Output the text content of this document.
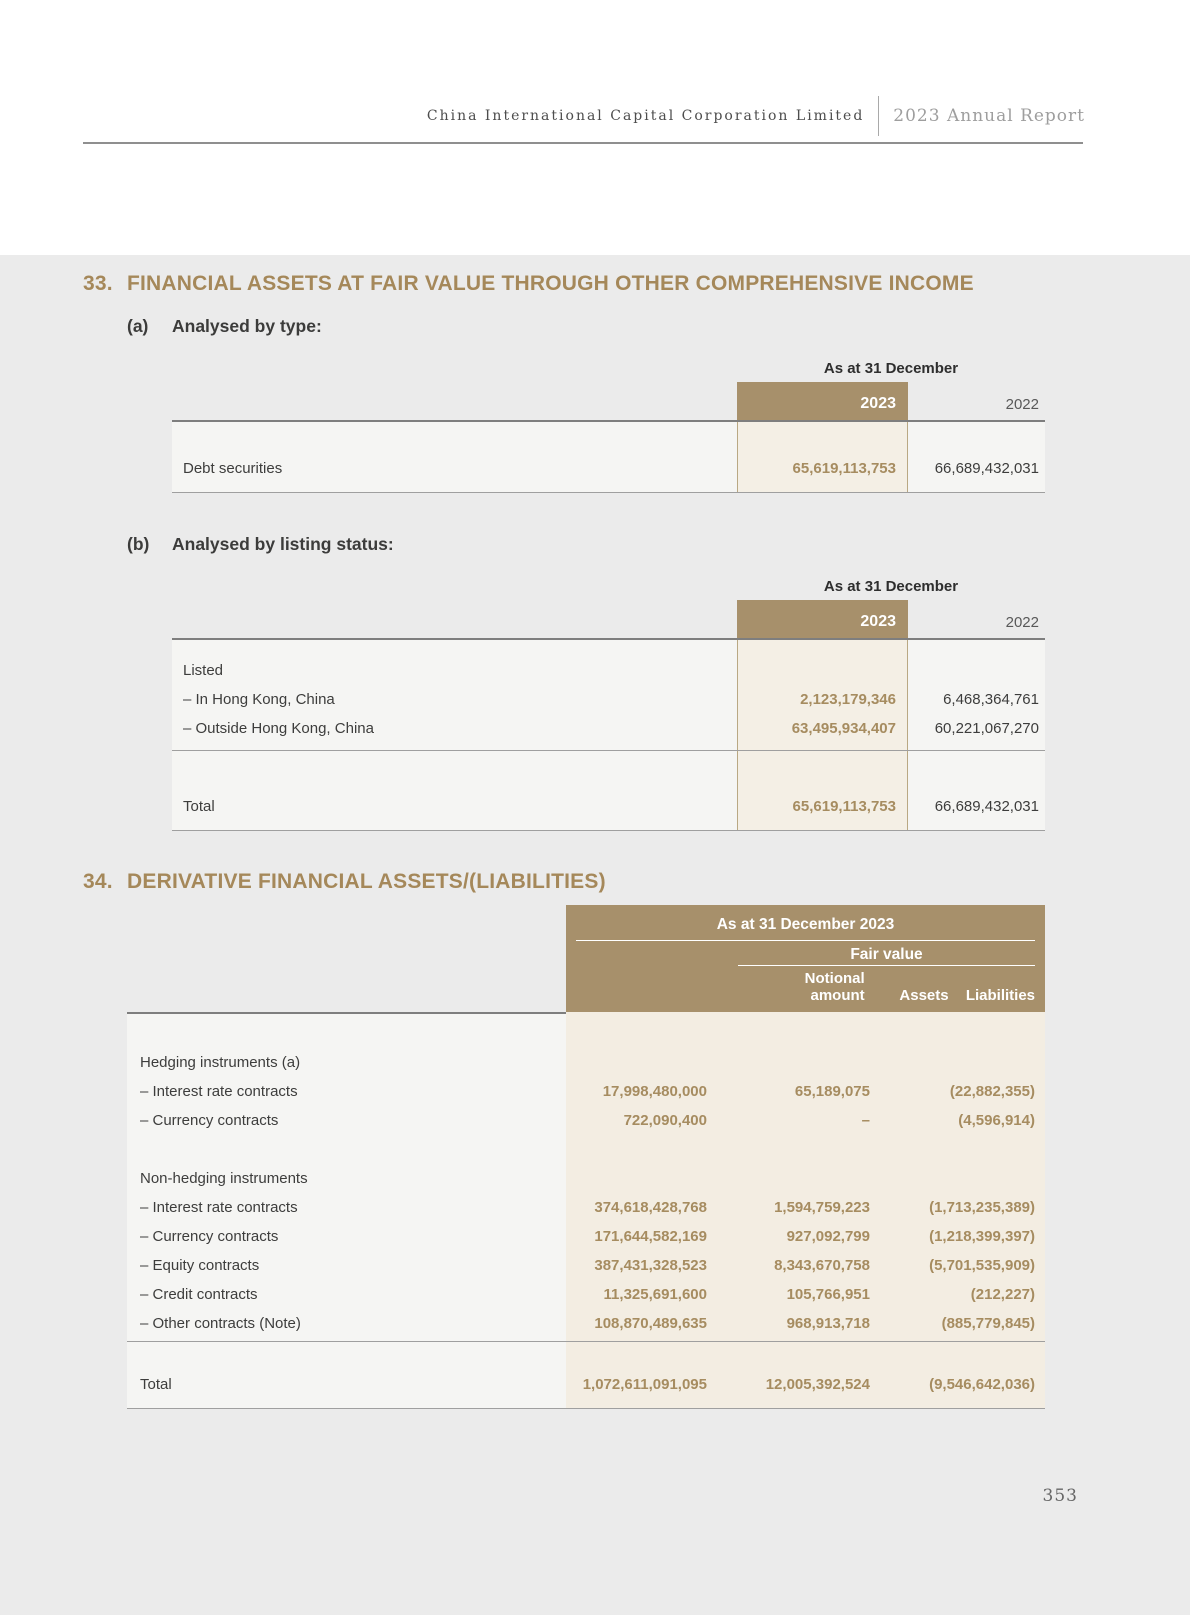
China International Capital Corporation Limited 2023 Annual Report
33. FINANCIAL ASSETS AT FAIR VALUE THROUGH OTHER COMPREHENSIVE INCOME
(a)	Analysed by type:
As at 31 December
2023	2022
Debt securities	65,619,113,753	66,689,432,031
(b)	Analysed by listing status:
As at 31 December
2023	2022
Listed
– In Hong Kong, China	2,123,179,346	6,468,364,761
– Outside Hong Kong, China	63,495,934,407	60,221,067,270
Total	65,619,113,753	66,689,432,031
34. DERIVATIVE FINANCIAL ASSETS/(LIABILITIES)
As at 31 December 2023
Fair value
Notional amount	Assets	Liabilities
Hedging instruments (a)
– Interest rate contracts	17,998,480,000	65,189,075	(22,882,355)
– Currency contracts	722,090,400	–	(4,596,914)
Non-hedging instruments
– Interest rate contracts	374,618,428,768	1,594,759,223	(1,713,235,389)
– Currency contracts	171,644,582,169	927,092,799	(1,218,399,397)
– Equity contracts	387,431,328,523	8,343,670,758	(5,701,535,909)
– Credit contracts	11,325,691,600	105,766,951	(212,227)
– Other contracts (Note)	108,870,489,635	968,913,718	(885,779,845)
Total	1,072,611,091,095	12,005,392,524	(9,546,642,036)
353
